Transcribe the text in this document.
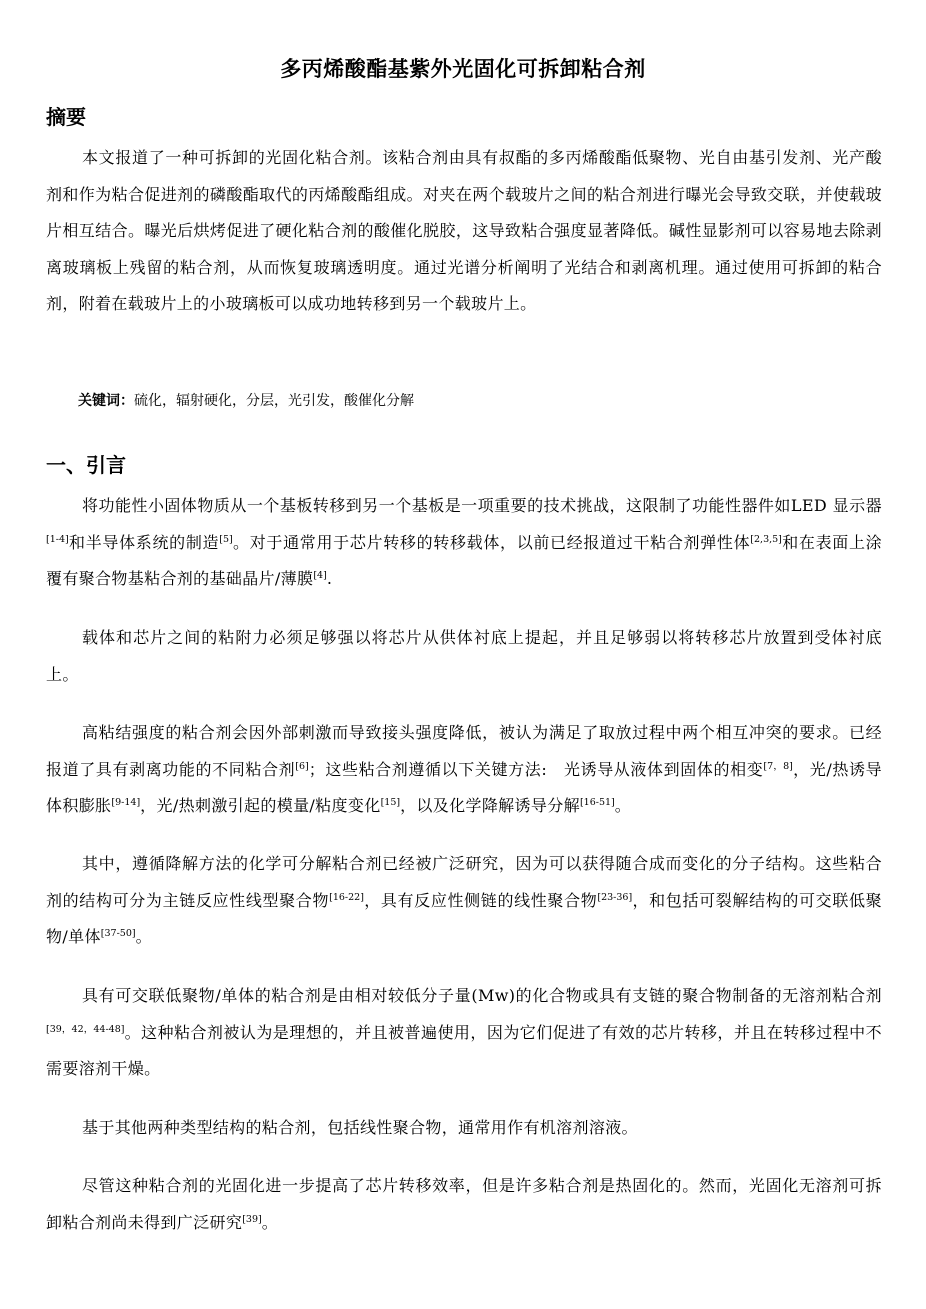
多丙烯酸酯基紫外光固化可拆卸粘合剂
摘要

本文报道了一种可拆卸的光固化粘合剂。该粘合剂由具有叔酯的多丙烯酸酯低聚物、光自由基引发剂、光产酸剂和作为粘合促进剂的磷酸酯取代的丙烯酸酯组成。对夹在两个载玻片之间的粘合剂进行曝光会导致交联，并使载玻片相互结合。曝光后烘烤促进了硬化粘合剂的酸催化脱胶，这导致粘合强度显著降低。碱性显影剂可以容易地去除剥离玻璃板上残留的粘合剂，从而恢复玻璃透明度。通过光谱分析阐明了光结合和剥离机理。通过使用可拆卸的粘合剂，附着在载玻片上的小玻璃板可以成功地转移到另一个载玻片上。

关键词：硫化，辐射硬化，分层，光引发，酸催化分解
一、引言

将功能性小固体物质从一个基板转移到另一个基板是一项重要的技术挑战，这限制了功能性器件如LED 显示器[1-4]和半导体系统的制造[5]。对于通常用于芯片转移的转移载体，以前已经报道过干粘合剂弹性体[2,3,5]和在表面上涂覆有聚合物基粘合剂的基础晶片/薄膜[4].

载体和芯片之间的粘附力必须足够强以将芯片从供体衬底上提起，并且足够弱以将转移芯片放置到受体衬底上。

高粘结强度的粘合剂会因外部刺激而导致接头强度降低，被认为满足了取放过程中两个相互冲突的要求。已经报道了具有剥离功能的不同粘合剂[6]；这些粘合剂遵循以下关键方法:　光诱导从液体到固体的相变[7，8]，光/热诱导体积膨胀[9-14]，光/热刺激引起的模量/粘度变化[15]，以及化学降解诱导分解[16-51]。

其中，遵循降解方法的化学可分解粘合剂已经被广泛研究，因为可以获得随合成而变化的分子结构。这些粘合剂的结构可分为主链反应性线型聚合物[16-22]，具有反应性侧链的线性聚合物[23-36]，和包括可裂解结构的可交联低聚物/单体[37-50]。

具有可交联低聚物/单体的粘合剂是由相对较低分子量(Mw)的化合物或具有支链的聚合物制备的无溶剂粘合剂[39，42，44-48]。这种粘合剂被认为是理想的，并且被普遍使用，因为它们促进了有效的芯片转移，并且在转移过程中不需要溶剂干燥。

基于其他两种类型结构的粘合剂，包括线性聚合物，通常用作有机溶剂溶液。

尽管这种粘合剂的光固化进一步提高了芯片转移效率，但是许多粘合剂是热固化的。然而，光固化无溶剂可拆卸粘合剂尚未得到广泛研究[39]。
